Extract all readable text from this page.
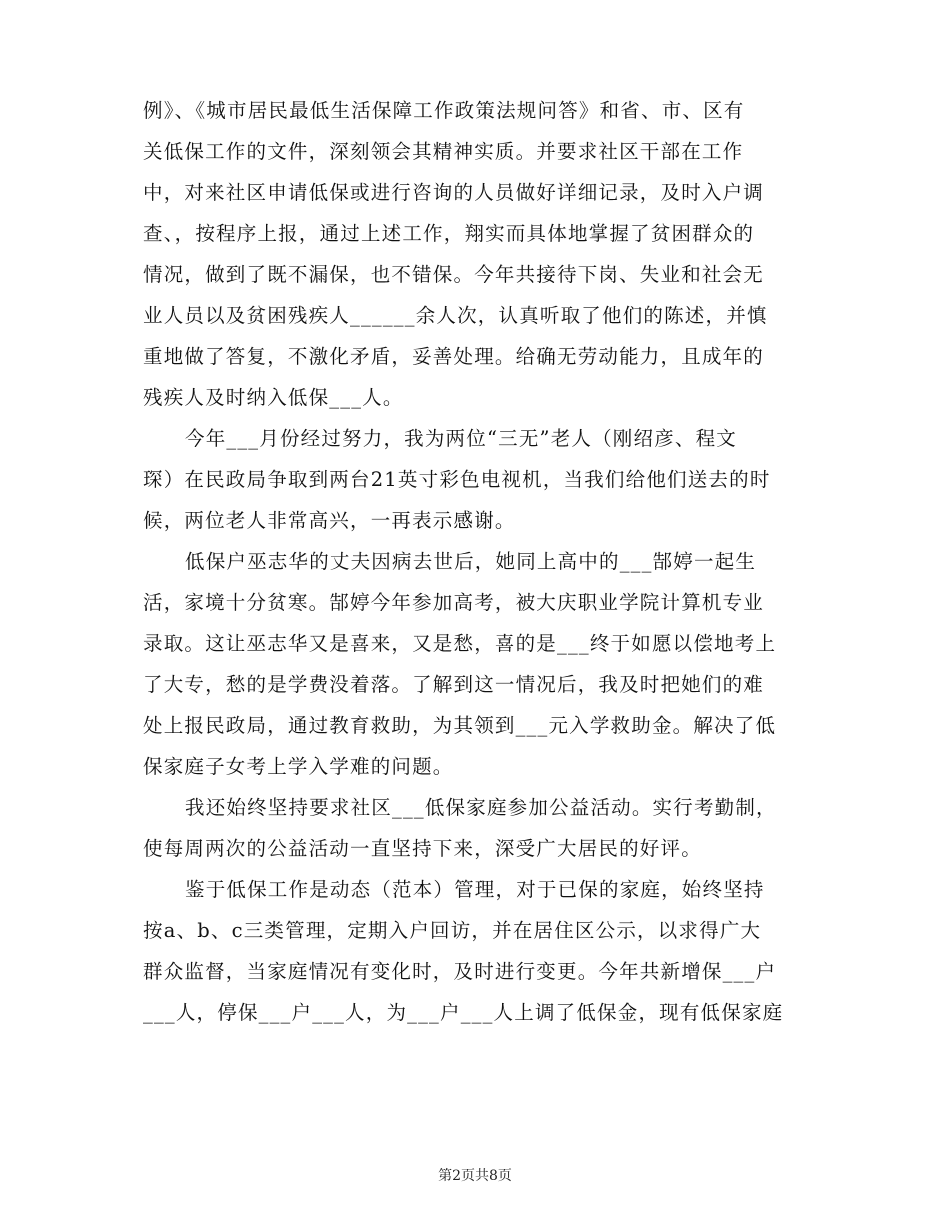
例》、《城市居民最低生活保障工作政策法规问答》和省、市、区有
关低保工作的文件，深刻领会其精神实质。并要求社区干部在工作
中，对来社区申请低保或进行咨询的人员做好详细记录，及时入户调
查、，按程序上报，通过上述工作，翔实而具体地掌握了贫困群众的
情况，做到了既不漏保，也不错保。今年共接待下岗、失业和社会无
业人员以及贫困残疾人______余人次，认真听取了他们的陈述，并慎
重地做了答复，不激化矛盾，妥善处理。给确无劳动能力，且成年的
残疾人及时纳入低保___人。
今年___月份经过努力，我为两位“三无”老人（刚绍彦、程文
琛）在民政局争取到两台21英寸彩色电视机，当我们给他们送去的时
候，两位老人非常高兴，一再表示感谢。
低保户巫志华的丈夫因病去世后，她同上高中的___郜婷一起生
活，家境十分贫寒。郜婷今年参加高考，被大庆职业学院计算机专业
录取。这让巫志华又是喜来，又是愁，喜的是___终于如愿以偿地考上
了大专，愁的是学费没着落。了解到这一情况后，我及时把她们的难
处上报民政局，通过教育救助，为其领到___元入学救助金。解决了低
保家庭子女考上学入学难的问题。
我还始终坚持要求社区___低保家庭参加公益活动。实行考勤制，
使每周两次的公益活动一直坚持下来，深受广大居民的好评。
鉴于低保工作是动态（范本）管理，对于已保的家庭，始终坚持
按a、b、c三类管理，定期入户回访，并在居住区公示，以求得广大
群众监督，当家庭情况有变化时，及时进行变更。今年共新增保___户
___人，停保___户___人，为___户___人上调了低保金，现有低保家庭
第2页共8页
